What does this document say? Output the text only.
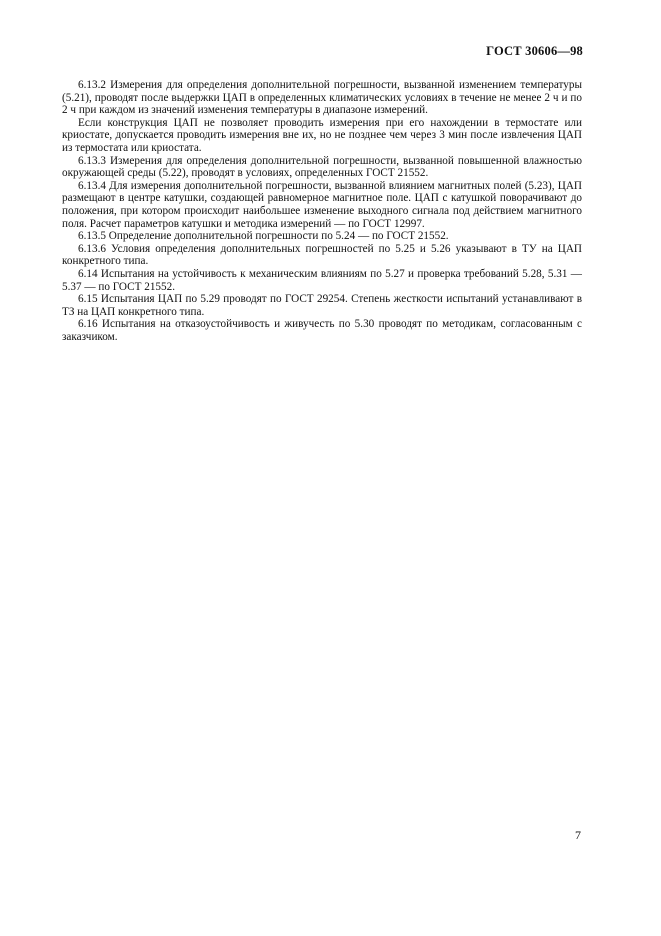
ГОСТ 30606—98

6.13.2 Измерения для определения дополнительной погрешности, вызванной изменением температуры (5.21), проводят после выдержки ЦАП в определенных климатических условиях в течение не менее 2 ч и по 2 ч при каждом из значений изменения температуры в диапазоне измерений.

Если конструкция ЦАП не позволяет проводить измерения при его нахождении в термостате или криостате, допускается проводить измерения вне их, но не позднее чем через 3 мин после извлечения ЦАП из термостата или криостата.

6.13.3 Измерения для определения дополнительной погрешности, вызванной повышенной влажностью окружающей среды (5.22), проводят в условиях, определенных ГОСТ 21552.

6.13.4 Для измерения дополнительной погрешности, вызванной влиянием магнитных полей (5.23), ЦАП размещают в центре катушки, создающей равномерное магнитное поле. ЦАП с катушкой поворачивают до положения, при котором происходит наибольшее изменение выходного сигнала под действием магнитного поля. Расчет параметров катушки и методика измерений — по ГОСТ 12997.

6.13.5 Определение дополнительной погрешности по 5.24 — по ГОСТ 21552.

6.13.6 Условия определения дополнительных погрешностей по 5.25 и 5.26 указывают в ТУ на ЦАП конкретного типа.

6.14 Испытания на устойчивость к механическим влияниям по 5.27 и проверка требований 5.28, 5.31 — 5.37 — по ГОСТ 21552.

6.15 Испытания ЦАП по 5.29 проводят по ГОСТ 29254. Степень жесткости испытаний устанавливают в ТЗ на ЦАП конкретного типа.

6.16 Испытания на отказоустойчивость и живучесть по 5.30 проводят по методикам, согласованным с заказчиком.

7
